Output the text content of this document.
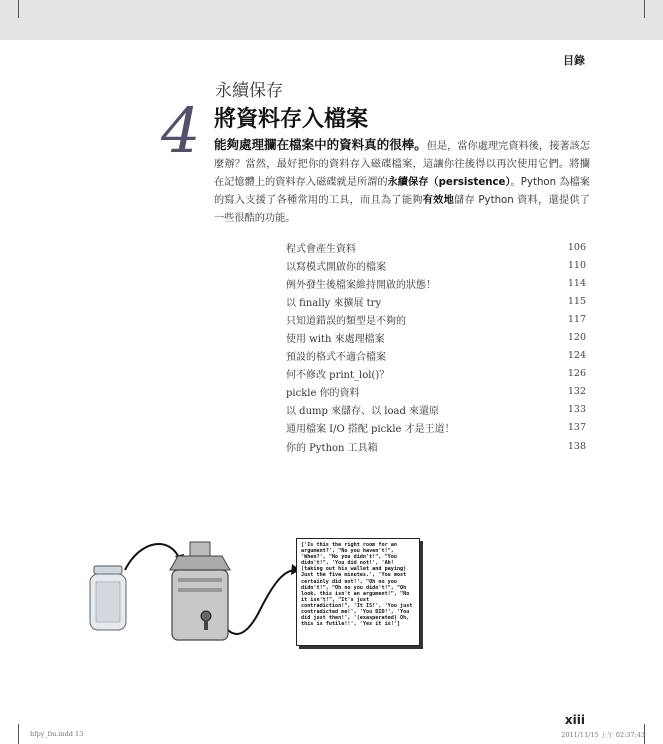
目錄
4
永續保存
將資料存入檔案
能夠處理攔在檔案中的資料真的很棒。但是，當你處理完資料後，接著該怎麼辦？當然，最好把你的資料存入磁碟檔案，這讓你往後得以再次使用它們。將攔在記憶體上的資料存入磁碟就是所謂的永續保存（persistence）。Python 為檔案的寫入支援了各種常用的工具，而且為了能夠有效地儲存 Python 資料，還提供了一些很酷的功能。
程式會產生資料	106
以寫模式開啟你的檔案	110
例外發生後檔案維持開啟的狀態！	114
以 finally 來擴展 try	115
只知道錯誤的類型是不夠的	117
使用 with 來處理檔案	120
預設的格式不適合檔案	124
何不修改 print_lol()？	126
pickle 你的資料	132
以 dump 來儲存、以 load 來還原	133
通用檔案 I/O 搭配 pickle 才是王道！	137
你的 Python 工具箱	138
['Is this the right room for an argument?', "No you haven't!", 'When?', "No you didn't!", "You didn't!", 'You did not!', 'Ah! (taking out his wallet and paying) Just the five minutes.', 'You most certainly did not!', "Oh no you didn't!", "Oh no you didn't!", "Oh look, this isn't an argument!", "No it isn't!", "It's just contradiction!", 'It IS!', 'You just contradicted me!', 'You DID!', 'You did just then!', '(exasperated) Oh, this is futile!!', 'Yes it is!']
xiii
hfpy_fm.indd 13	2011/11/15 上午 02:37:43
